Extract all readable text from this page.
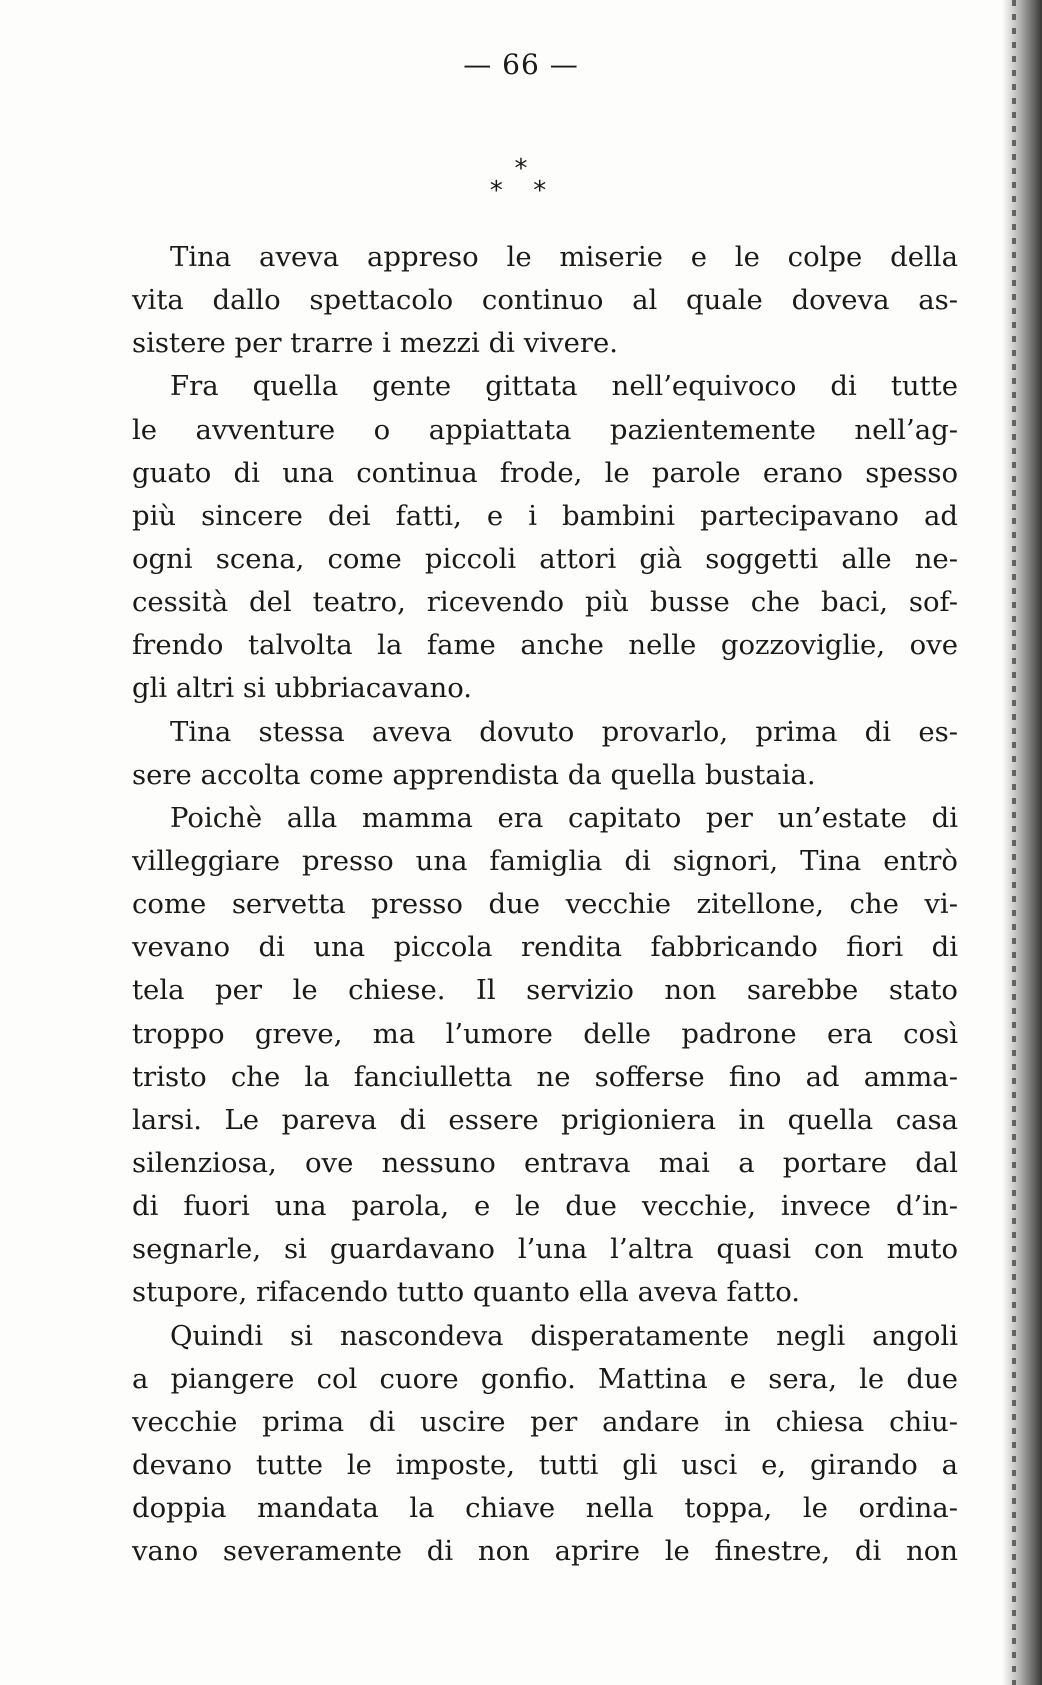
— 66 —
*
* *
Tina aveva appreso le miserie e le colpe della
vita dallo spettacolo continuo al quale doveva as-
sistere per trarre i mezzi di vivere.
Fra quella gente gittata nell’equivoco di tutte
le avventure o appiattata pazientemente nell’ag-
guato di una continua frode, le parole erano spesso
più sincere dei fatti, e i bambini partecipavano ad
ogni scena, come piccoli attori già soggetti alle ne-
cessità del teatro, ricevendo più busse che baci, sof-
frendo talvolta la fame anche nelle gozzoviglie, ove
gli altri si ubbriacavano.
Tina stessa aveva dovuto provarlo, prima di es-
sere accolta come apprendista da quella bustaia.
Poichè alla mamma era capitato per un’estate di
villeggiare presso una famiglia di signori, Tina entrò
come servetta presso due vecchie zitellone, che vi-
vevano di una piccola rendita fabbricando fiori di
tela per le chiese. Il servizio non sarebbe stato
troppo greve, ma l’umore delle padrone era così
tristo che la fanciulletta ne sofferse fino ad amma-
larsi. Le pareva di essere prigioniera in quella casa
silenziosa, ove nessuno entrava mai a portare dal
di fuori una parola, e le due vecchie, invece d’in-
segnarle, si guardavano l’una l’altra quasi con muto
stupore, rifacendo tutto quanto ella aveva fatto.
Quindi si nascondeva disperatamente negli angoli
a piangere col cuore gonfio. Mattina e sera, le due
vecchie prima di uscire per andare in chiesa chiu-
devano tutte le imposte, tutti gli usci e, girando a
doppia mandata la chiave nella toppa, le ordina-
vano severamente di non aprire le finestre, di non
